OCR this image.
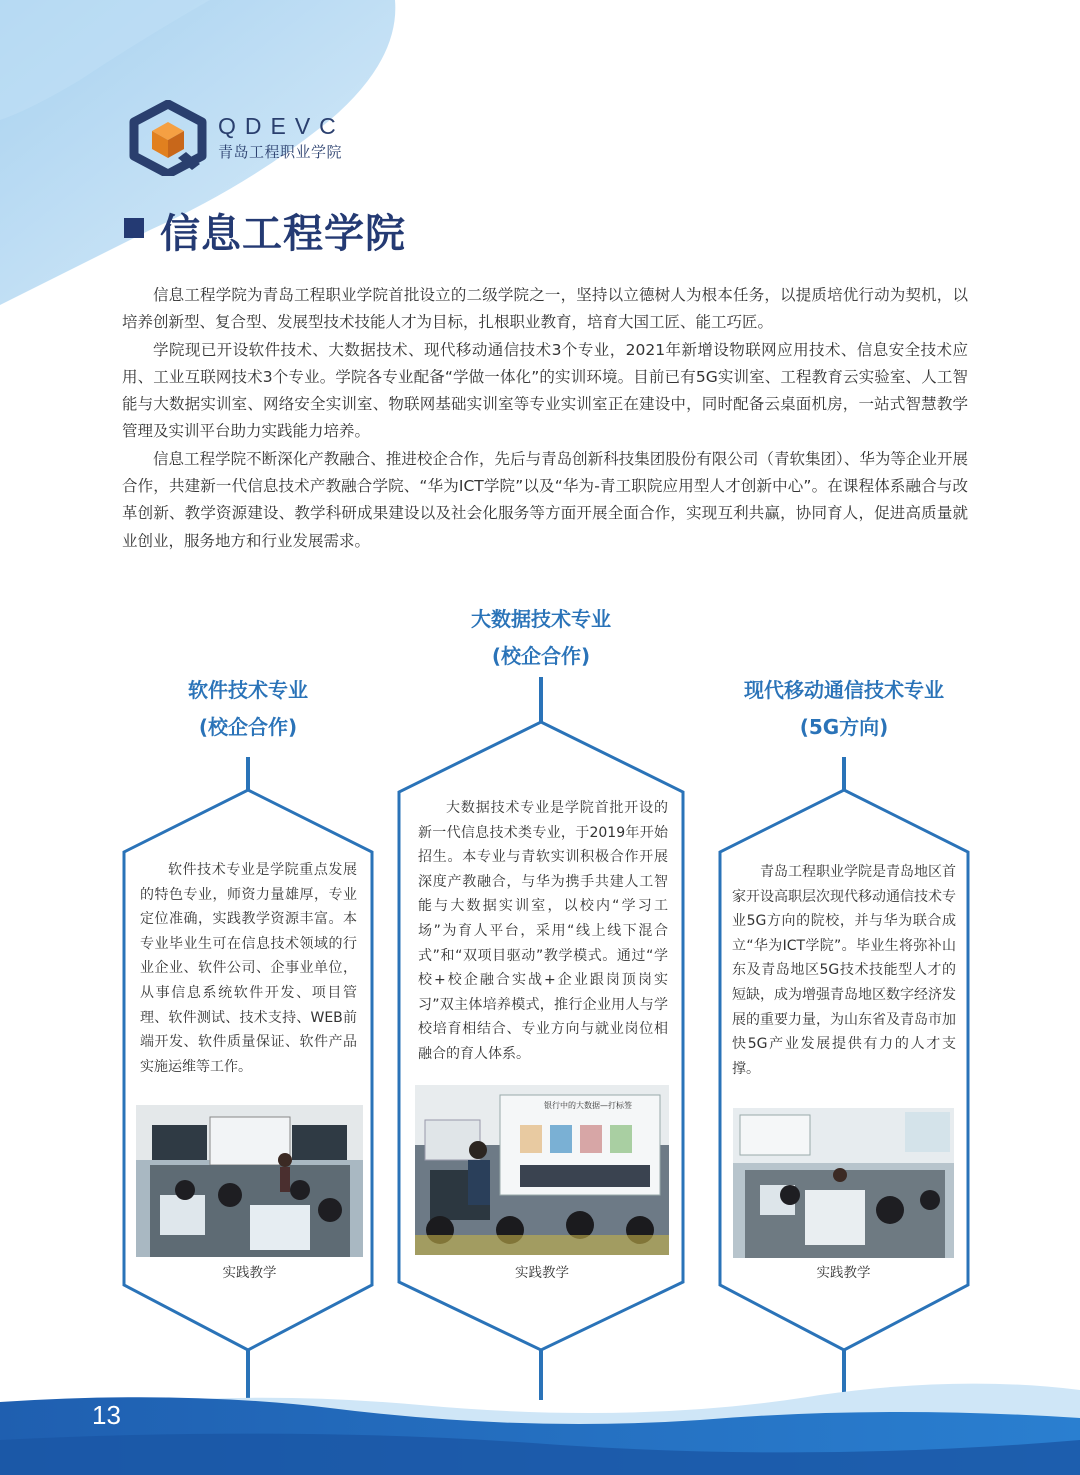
QDEVC
青岛工程职业学院
信息工程学院

信息工程学院为青岛工程职业学院首批设立的二级学院之一，坚持以立德树人为根本任务，以提质培优行动为契机，以培养创新型、复合型、发展型技术技能人才为目标，扎根职业教育，培育大国工匠、能工巧匠。

学院现已开设软件技术、大数据技术、现代移动通信技术3个专业，2021年新增设物联网应用技术、信息安全技术应用、工业互联网技术3个专业。学院各专业配备“学做一体化”的实训环境。目前已有5G实训室、工程教育云实验室、人工智能与大数据实训室、网络安全实训室、物联网基础实训室等专业实训室正在建设中，同时配备云桌面机房，一站式智慧教学管理及实训平台助力实践能力培养。

信息工程学院不断深化产教融合、推进校企合作，先后与青岛创新科技集团股份有限公司（青软集团）、华为等企业开展合作，共建新一代信息技术产教融合学院、“华为ICT学院”以及“华为-青工职院应用型人才创新中心”。在课程体系融合与改革创新、教学资源建设、教学科研成果建设以及社会化服务等方面开展全面合作，实现互利共赢，协同育人，促进高质量就业创业，服务地方和行业发展需求。

软件技术专业
(校企合作)
大数据技术专业
(校企合作)
现代移动通信技术专业
(5G方向)

软件技术专业是学院重点发展的特色专业，师资力量雄厚，专业定位准确，实践教学资源丰富。本专业毕业生可在信息技术领域的行业企业、软件公司、企事业单位，从事信息系统软件开发、项目管理、软件测试、技术支持、WEB前端开发、软件质量保证、软件产品实施运维等工作。

大数据技术专业是学院首批开设的新一代信息技术类专业，于2019年开始招生。本专业与青软实训积极合作开展深度产教融合，与华为携手共建人工智能与大数据实训室，以校内“学习工场”为育人平台，采用“线上线下混合式”和“双项目驱动”教学模式。通过“学校+校企融合实战+企业跟岗顶岗实习”双主体培养模式，推行企业用人与学校培育相结合、专业方向与就业岗位相融合的育人体系。

青岛工程职业学院是青岛地区首家开设高职层次现代移动通信技术专业5G方向的院校，并与华为联合成立“华为ICT学院”。毕业生将弥补山东及青岛地区5G技术技能型人才的短缺，成为增强青岛地区数字经济发展的重要力量，为山东省及青岛市加快5G产业发展提供有力的人才支撑。

银行中的大数据—打标签
实践教学	实践教学	实践教学
13
